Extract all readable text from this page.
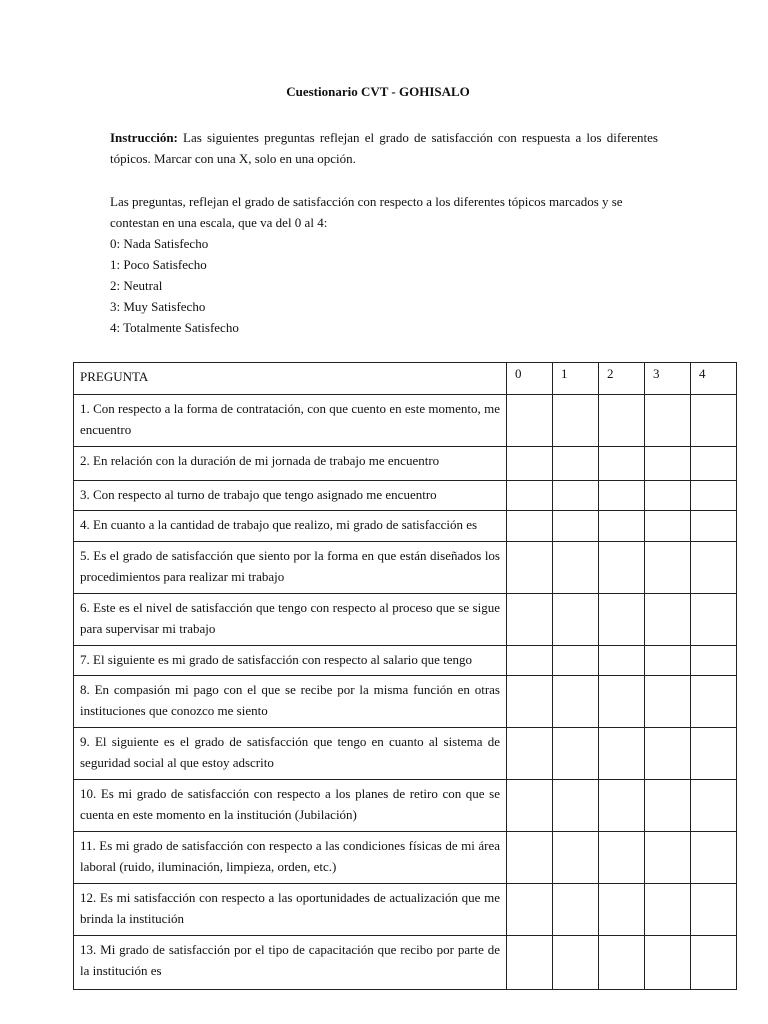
Cuestionario CVT - GOHISALO
Instrucción: Las siguientes preguntas reflejan el grado de satisfacción con respuesta a los diferentes tópicos. Marcar con una X, solo en una opción.
Las preguntas, reflejan el grado de satisfacción con respecto a los diferentes tópicos marcados y se contestan en una escala, que va del 0 al 4:
0: Nada Satisfecho
1: Poco Satisfecho
2: Neutral
3: Muy Satisfecho
4: Totalmente Satisfecho
PREGUNTA	0	1	2	3	4
1. Con respecto a la forma de contratación, con que cuento en este momento, me encuentro					
2. En relación con la duración de mi jornada de trabajo me encuentro					
3. Con respecto al turno de trabajo que tengo asignado me encuentro					
4. En cuanto a la cantidad de trabajo que realizo, mi grado de satisfacción es					
5. Es el grado de satisfacción que siento por la forma en que están diseñados los procedimientos para realizar mi trabajo					
6. Este es el nivel de satisfacción que tengo con respecto al proceso que se sigue para supervisar mi trabajo					
7. El siguiente es mi grado de satisfacción con respecto al salario que tengo					
8. En compasión mi pago con el que se recibe por la misma función en otras instituciones que conozco me siento					
9. El siguiente es el grado de satisfacción que tengo en cuanto al sistema de seguridad social al que estoy adscrito					
10. Es mi grado de satisfacción con respecto a los planes de retiro con que se cuenta en este momento en la institución (Jubilación)					
11. Es mi grado de satisfacción con respecto a las condiciones físicas de mi área laboral (ruido, iluminación, limpieza, orden, etc.)					
12. Es mi satisfacción con respecto a las oportunidades de actualización que me brinda la institución					
13. Mi grado de satisfacción por el tipo de capacitación que recibo por parte de la institución es					
